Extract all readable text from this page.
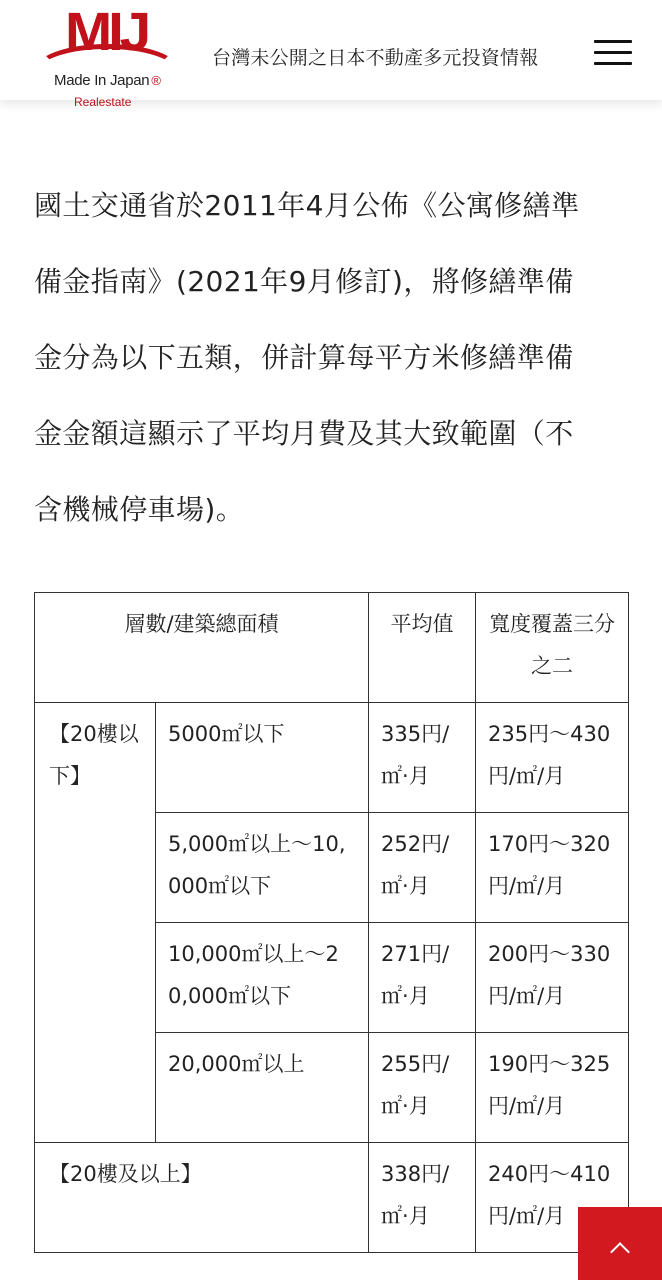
MIJ
Made In Japan ®
Realestate
台灣未公開之日本不動產多元投資情報
國土交通省於2011年4月公佈《公寓修繕準
備金指南》(2021年9月修訂)，將修繕準備
金分為以下五類，併計算每平方米修繕準備
金金額這顯示了平均月費及其大致範圍（不
含機械停車場)。
層數/建築總面積		平均值	寬度覆蓋三分之二
【20樓以下】	5000㎡以下	335円/㎡·月	235円～430円/㎡/月
	5,000㎡以上～10,000㎡以下	252円/㎡·月	170円～320円/㎡/月
	10,000㎡以上～20,000㎡以下	271円/㎡·月	200円～330円/㎡/月
	20,000㎡以上	255円/㎡·月	190円～325円/㎡/月
【20樓及以上】		338円/㎡·月	240円～410円/㎡/月
